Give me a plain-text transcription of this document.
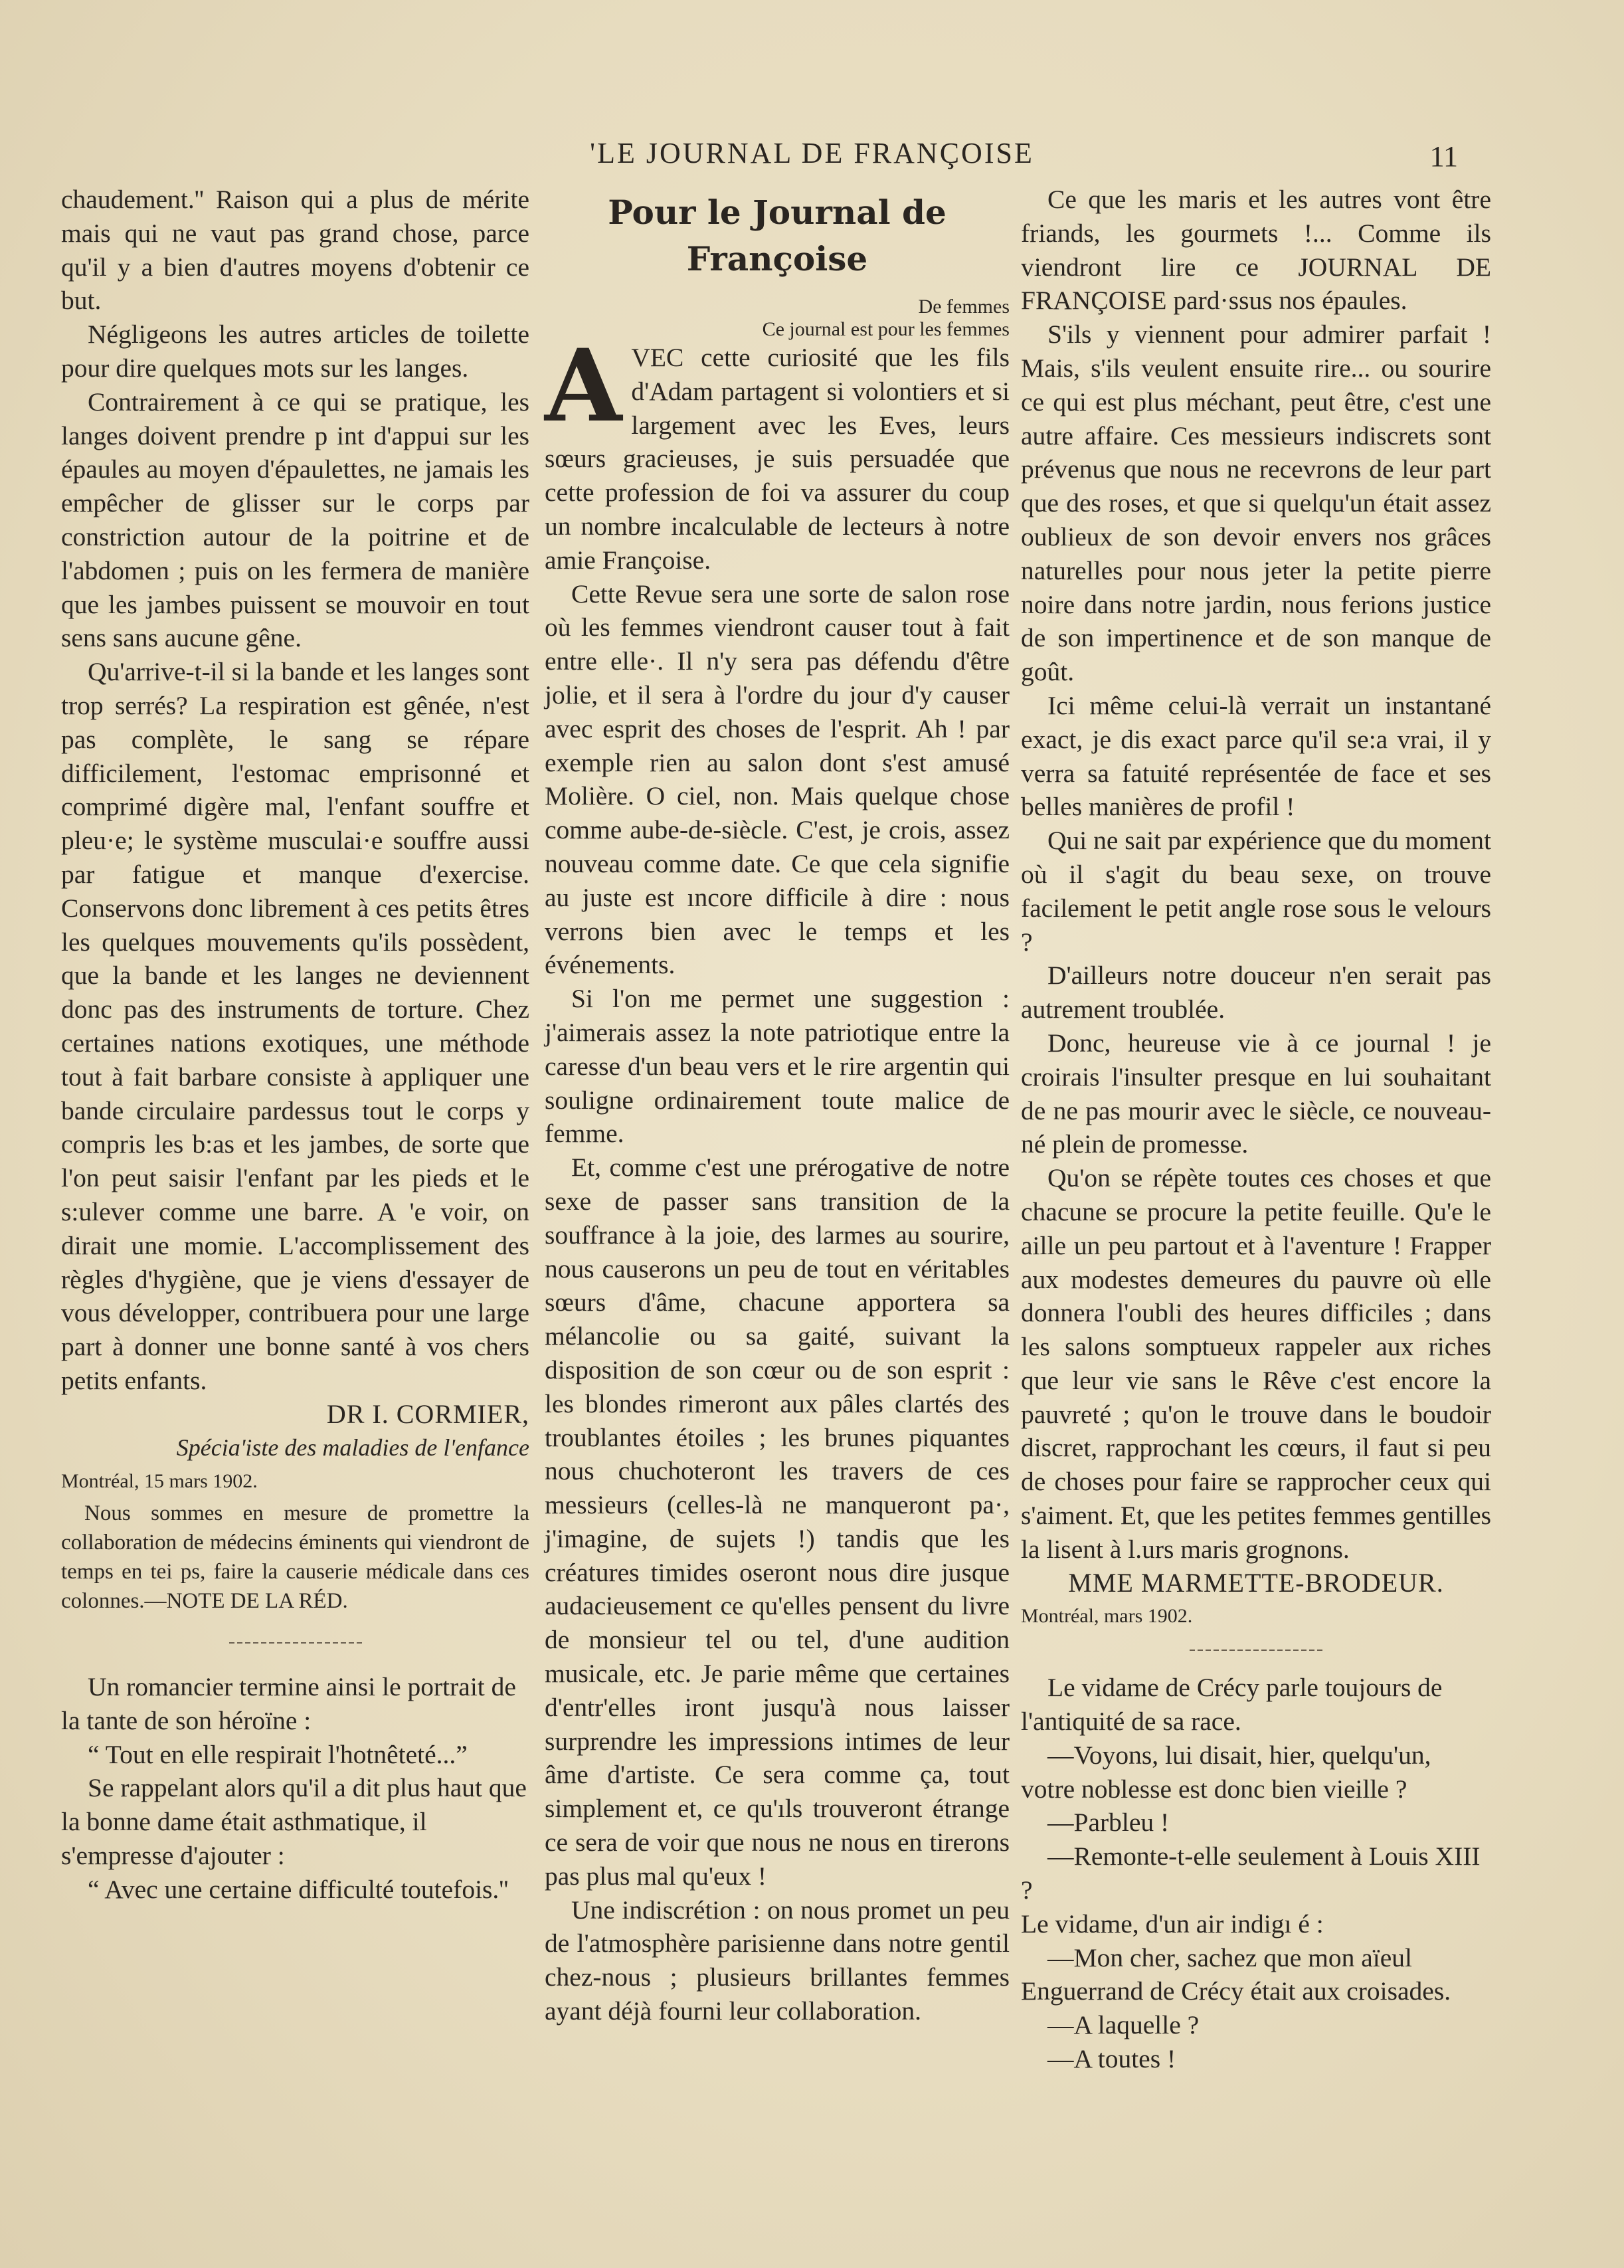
'LE JOURNAL DE FRANÇOISE	11

chaudement.'' Raison qui a plus de mérite mais qui ne vaut pas grand chose, parce qu'il y a bien d'autres moyens d'obtenir ce but.

Négligeons les autres articles de toilette pour dire quelques mots sur les langes.

Contrairement à ce qui se pratique, les langes doivent prendre p int d'appui sur les épaules au moyen d'épaulettes, ne jamais les empêcher de glisser sur le corps par constriction autour de la poitrine et de l'abdomen ; puis on les fermera de manière que les jambes puissent se mouvoir en tout sens sans aucune gêne.

Qu'arrive-t-il si la bande et les langes sont trop serrés? La respiration est gênée, n'est pas complète, le sang se répare difficilement, l'estomac emprisonné et comprimé digère mal, l'enfant souffre et pleu·e; le système musculai·e souffre aussi par fatigue et manque d'exercise. Conservons donc librement à ces petits êtres les quelques mouvements qu'ils possèdent, que la bande et les langes ne deviennent donc pas des instruments de torture. Chez certaines nations exotiques, une méthode tout à fait barbare consiste à appliquer une bande circulaire pardessus tout le corps y compris les b:as et les jambes, de sorte que l'on peut saisir l'enfant par les pieds et le s:ulever comme une barre. A 'e voir, on dirait une momie. L'accomplissement des règles d'hygiène, que je viens d'essayer de vous développer, contribuera pour une large part à donner une bonne santé à vos chers petits enfants.

DR I. CORMIER,

Spécia'iste des maladies de l'enfance

Montréal, 15 mars 1902.

Nous sommes en mesure de promettre la collaboration de médecins éminents qui viendront de temps en tei ps, faire la causerie médicale dans ces colonnes.—NOTE DE LA RÉD.

Un romancier termine ainsi le portrait de la tante de son héroïne :

“ Tout en elle respirait l'hotnêteté...”

Se rappelant alors qu'il a dit plus haut que la bonne dame était asthmatique, il s'empresse d'ajouter :

“ Avec une certaine difficulté toutefois.''

Pour le Journal de Françoise
De femmes
Ce journal est pour les femmes

AVEC cette curiosité que les fils d'Adam partagent si volontiers et si largement avec les Eves, leurs sœurs gracieuses, je suis persuadée que cette profession de foi va assurer du coup un nombre incalculable de lecteurs à notre amie Françoise.

Cette Revue sera une sorte de salon rose où les femmes viendront causer tout à fait entre elle·. Il n'y sera pas défendu d'être jolie, et il sera à l'ordre du jour d'y causer avec esprit des choses de l'esprit. Ah ! par exemple rien au salon dont s'est amusé Molière. O ciel, non. Mais quelque chose comme aube-de-siècle. C'est, je crois, assez nouveau comme date. Ce que cela signifie au juste est ıncore difficile à dire : nous verrons bien avec le temps et les événements.

Si l'on me permet une suggestion : j'aimerais assez la note patriotique entre la caresse d'un beau vers et le rire argentin qui souligne ordinairement toute malice de femme.

Et, comme c'est une prérogative de notre sexe de passer sans transition de la souffrance à la joie, des larmes au sourire, nous causerons un peu de tout en véritables sœurs d'âme, chacune apportera sa mélancolie ou sa gaité, suivant la disposition de son cœur ou de son esprit : les blondes rimeront aux pâles clartés des troublantes étoiles ; les brunes piquantes nous chuchoteront les travers de ces messieurs (celles-là ne manqueront pa·, j'imagine, de sujets !) tandis que les créatures timides oseront nous dire jusque audacieusement ce qu'elles pensent du livre de monsieur tel ou tel, d'une audition musicale, etc. Je parie même que certaines d'entr'elles iront jusqu'à nous laisser surprendre les impressions intimes de leur âme d'artiste. Ce sera comme ça, tout simplement et, ce qu'ıls trouveront étrange ce sera de voir que nous ne nous en tirerons pas plus mal qu'eux !

Une indiscrétion : on nous promet un peu de l'atmosphère parisienne dans notre gentil chez-nous ; plusieurs brillantes femmes ayant déjà fourni leur collaboration.

Ce que les maris et les autres vont être friands, les gourmets !... Comme ils viendront lire ce JOURNAL DE FRANÇOISE pard·ssus nos épaules.

S'ils y viennent pour admirer parfait ! Mais, s'ils veulent ensuite rire... ou sourire ce qui est plus méchant, peut être, c'est une autre affaire. Ces messieurs indiscrets sont prévenus que nous ne recevrons de leur part que des roses, et que si quelqu'un était assez oublieux de son devoir envers nos grâces naturelles pour nous jeter la petite pierre noire dans notre jardin, nous ferions justice de son impertinence et de son manque de goût.

Ici même celui-là verrait un instantané exact, je dis exact parce qu'il se:a vrai, il y verra sa fatuité représentée de face et ses belles manières de profil !

Qui ne sait par expérience que du moment où il s'agit du beau sexe, on trouve facilement le petit angle rose sous le velours ?

D'ailleurs notre douceur n'en serait pas autrement troublée.

Donc, heureuse vie à ce journal ! je croirais l'insulter presque en lui souhaitant de ne pas mourir avec le siècle, ce nouveau-né plein de promesse.

Qu'on se répète toutes ces choses et que chacune se procure la petite feuille. Qu'e le aille un peu partout et à l'aventure ! Frapper aux modestes demeures du pauvre où elle donnera l'oubli des heures difficiles ; dans les salons somptueux rappeler aux riches que leur vie sans le Rêve c'est encore la pauvreté ; qu'on le trouve dans le boudoir discret, rapprochant les cœurs, il faut si peu de choses pour faire se rapprocher ceux qui s'aiment. Et, que les petites femmes gentilles la lisent à l.urs maris grognons.

MME MARMETTE-BRODEUR.

Montréal, mars 1902.

Le vidame de Crécy parle toujours de l'antiquité de sa race.

—Voyons, lui disait, hier, quelqu'un, votre noblesse est donc bien vieille ?

—Parbleu !

—Remonte-t-elle seulement à Louis XIII ?

Le vidame, d'un air indigı é :

—Mon cher, sachez que mon aïeul Enguerrand de Crécy était aux croisades.

—A laquelle ?

—A toutes !
